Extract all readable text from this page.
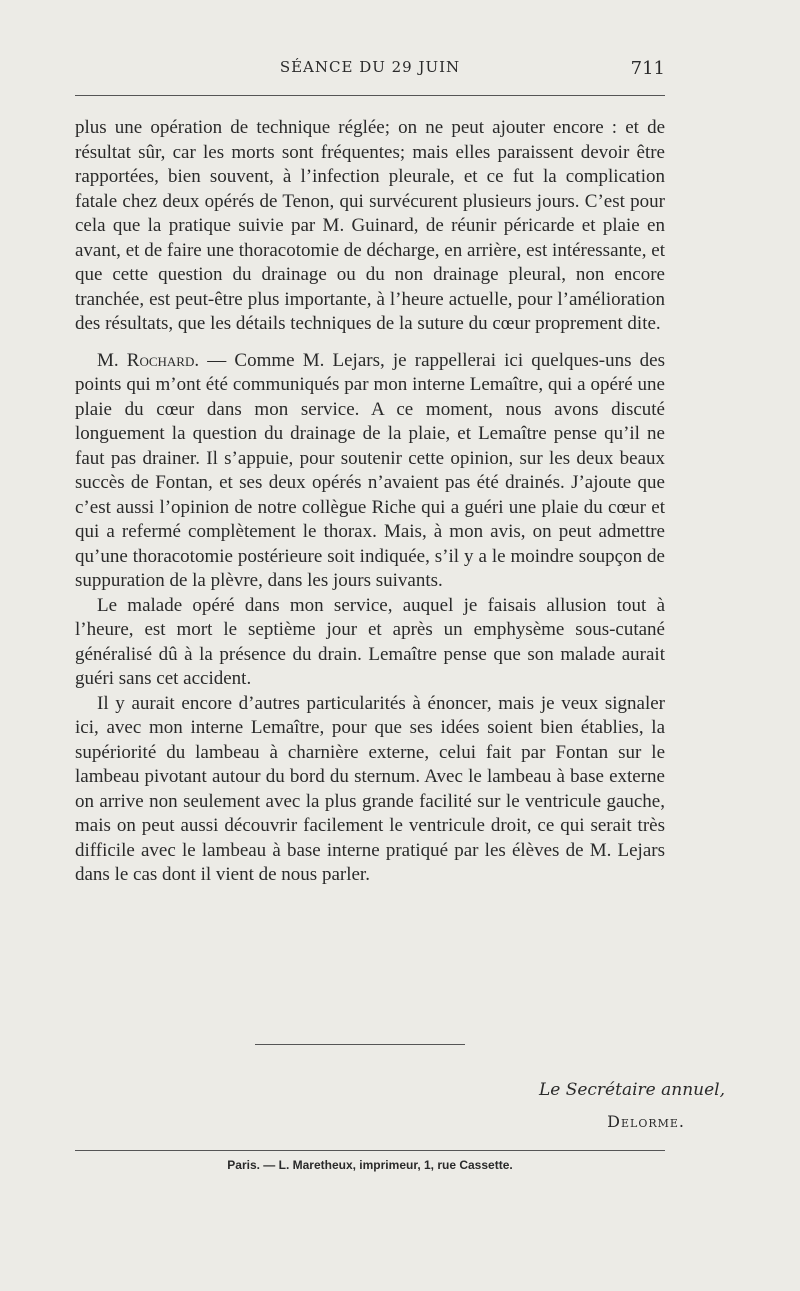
SÉANCE DU 29 JUIN	711

plus une opération de technique réglée; on ne peut ajouter encore : et de résultat sûr, car les morts sont fréquentes; mais elles paraissent devoir être rapportées, bien souvent, à l’infection pleurale, et ce fut la complication fatale chez deux opérés de Tenon, qui survécurent plusieurs jours. C’est pour cela que la pratique suivie par M. Guinard, de réunir péricarde et plaie en avant, et de faire une thoracotomie de décharge, en arrière, est intéressante, et que cette question du drainage ou du non drainage pleural, non encore tranchée, est peut-être plus importante, à l’heure actuelle, pour l’amélioration des résultats, que les détails techniques de la suture du cœur proprement dite.

M. Rochard. — Comme M. Lejars, je rappellerai ici quelques-uns des points qui m’ont été communiqués par mon interne Lemaître, qui a opéré une plaie du cœur dans mon service. A ce moment, nous avons discuté longuement la question du drainage de la plaie, et Lemaître pense qu’il ne faut pas drainer. Il s’appuie, pour soutenir cette opinion, sur les deux beaux succès de Fontan, et ses deux opérés n’avaient pas été drainés. J’ajoute que c’est aussi l’opinion de notre collègue Riche qui a guéri une plaie du cœur et qui a refermé complètement le thorax. Mais, à mon avis, on peut admettre qu’une thoracotomie postérieure soit indiquée, s’il y a le moindre soupçon de suppuration de la plèvre, dans les jours suivants.

Le malade opéré dans mon service, auquel je faisais allusion tout à l’heure, est mort le septième jour et après un emphysème sous-cutané généralisé dû à la présence du drain. Lemaître pense que son malade aurait guéri sans cet accident.

Il y aurait encore d’autres particularités à énoncer, mais je veux signaler ici, avec mon interne Lemaître, pour que ses idées soient bien établies, la supériorité du lambeau à charnière externe, celui fait par Fontan sur le lambeau pivotant autour du bord du sternum. Avec le lambeau à base externe on arrive non seulement avec la plus grande facilité sur le ventricule gauche, mais on peut aussi découvrir facilement le ventricule droit, ce qui serait très difficile avec le lambeau à base interne pratiqué par les élèves de M. Lejars dans le cas dont il vient de nous parler.

Le Secrétaire annuel,
Delorme.
Paris. — L. Maretheux, imprimeur, 1, rue Cassette.
